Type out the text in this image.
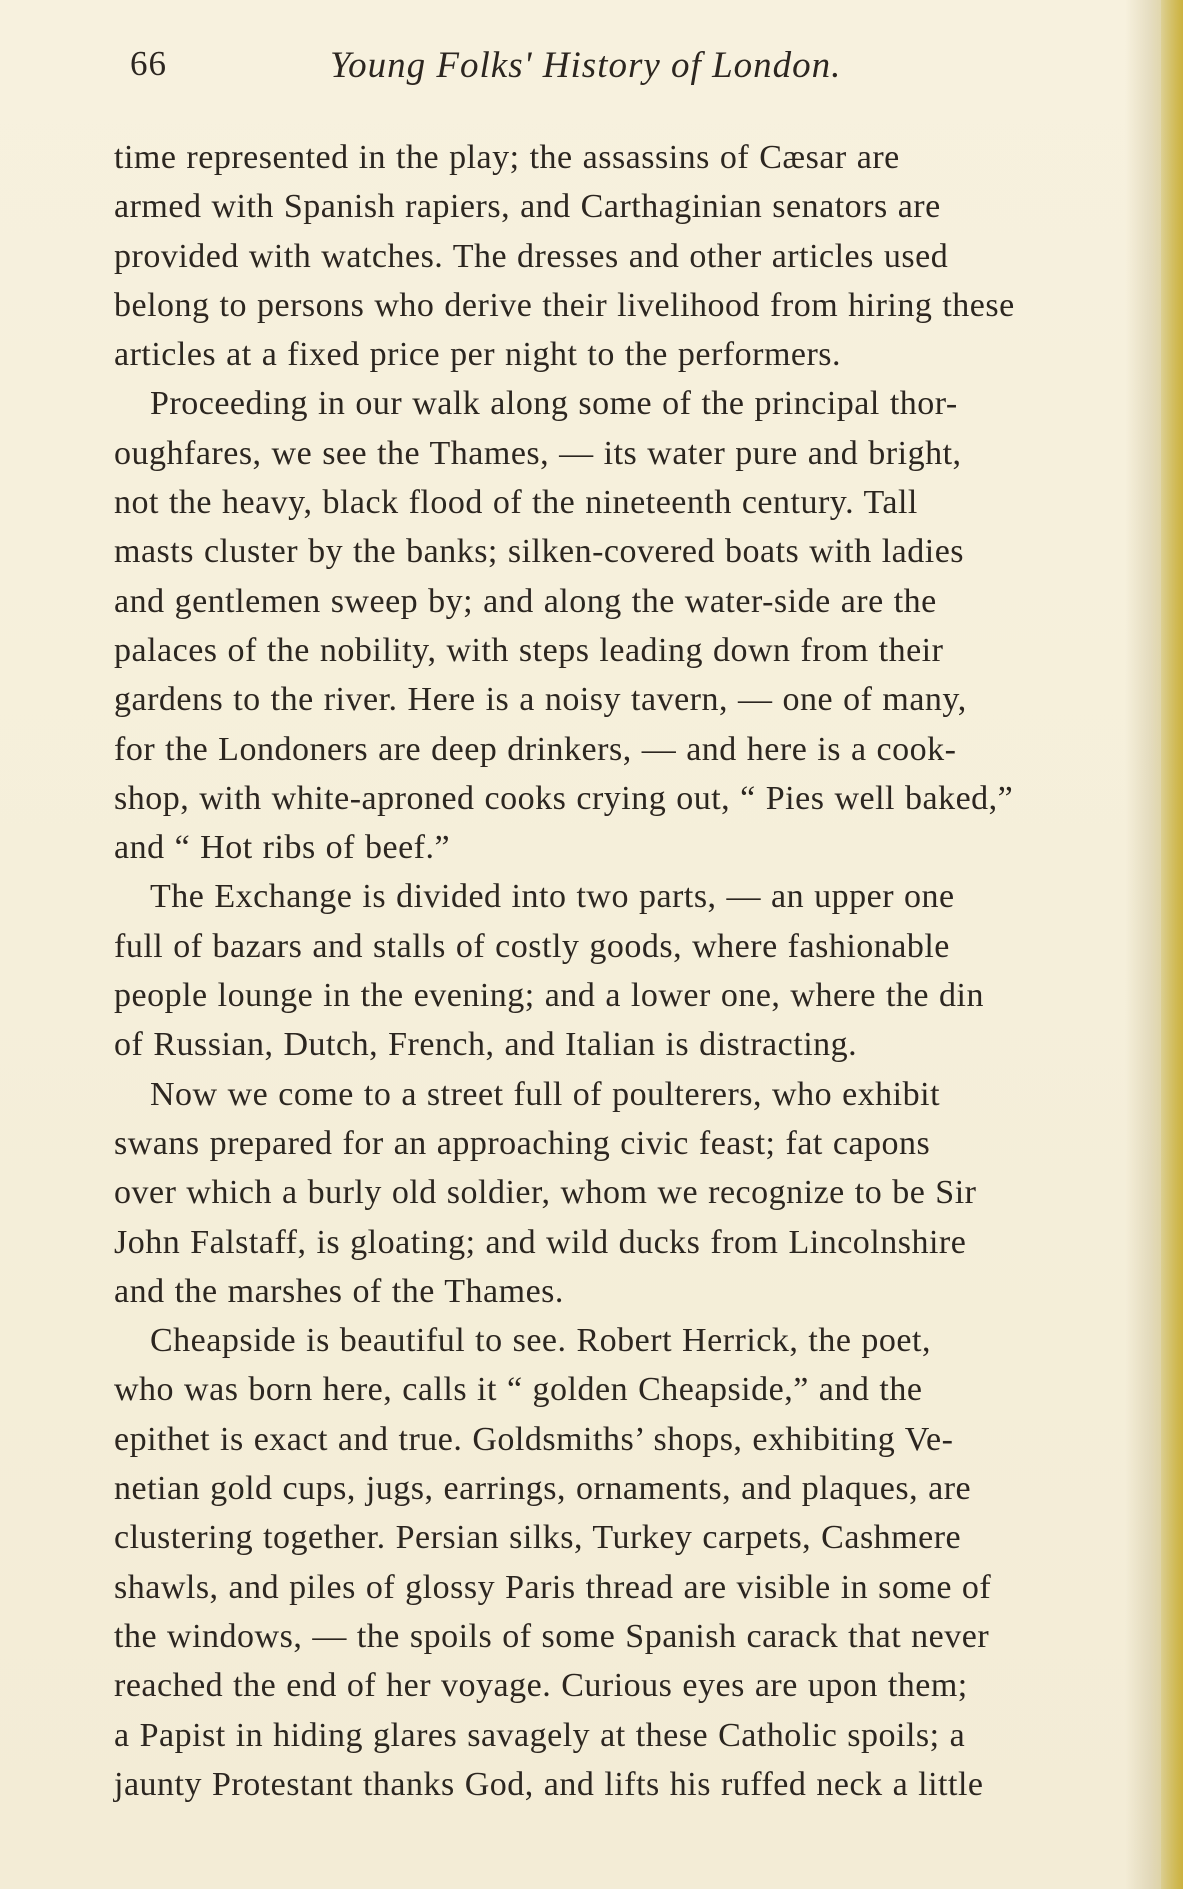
66	Young Folks' History of London.
time represented in the play; the assassins of Cæsar are
armed with Spanish rapiers, and Carthaginian senators are
provided with watches. The dresses and other articles used
belong to persons who derive their livelihood from hiring these
articles at a fixed price per night to the performers.
Proceeding in our walk along some of the principal thor-
oughfares, we see the Thames, — its water pure and bright,
not the heavy, black flood of the nineteenth century. Tall
masts cluster by the banks; silken-covered boats with ladies
and gentlemen sweep by; and along the water-side are the
palaces of the nobility, with steps leading down from their
gardens to the river. Here is a noisy tavern, — one of many,
for the Londoners are deep drinkers, — and here is a cook-
shop, with white-aproned cooks crying out, “ Pies well baked,”
and “ Hot ribs of beef.”
The Exchange is divided into two parts, — an upper one
full of bazars and stalls of costly goods, where fashionable
people lounge in the evening; and a lower one, where the din
of Russian, Dutch, French, and Italian is distracting.
Now we come to a street full of poulterers, who exhibit
swans prepared for an approaching civic feast; fat capons
over which a burly old soldier, whom we recognize to be Sir
John Falstaff, is gloating; and wild ducks from Lincolnshire
and the marshes of the Thames.
Cheapside is beautiful to see. Robert Herrick, the poet,
who was born here, calls it “ golden Cheapside,” and the
epithet is exact and true. Goldsmiths’ shops, exhibiting Ve-
netian gold cups, jugs, earrings, ornaments, and plaques, are
clustering together. Persian silks, Turkey carpets, Cashmere
shawls, and piles of glossy Paris thread are visible in some of
the windows, — the spoils of some Spanish carack that never
reached the end of her voyage. Curious eyes are upon them;
a Papist in hiding glares savagely at these Catholic spoils; a
jaunty Protestant thanks God, and lifts his ruffed neck a little
